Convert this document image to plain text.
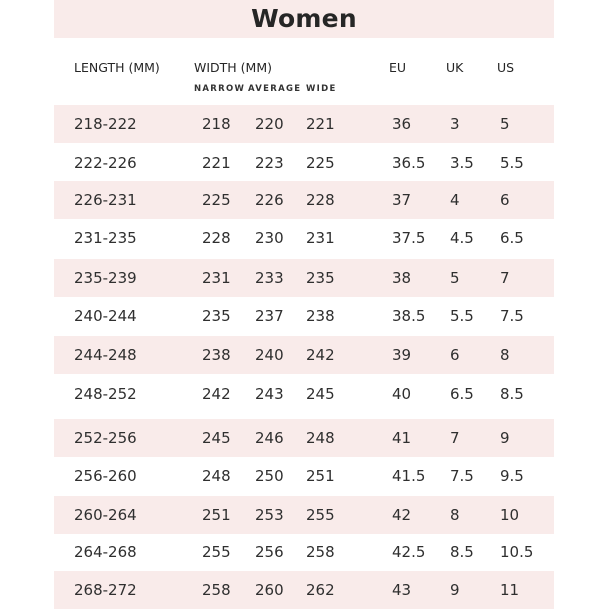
Women
LENGTH (MM)	WIDTH (MM)	EU	UK	US
NARROW AVERAGE WIDE
218-222	218 220 221	36	3	5
222-226	221 223 225	36.5 3.5 5.5
226-231	225 226 228	37	4	6
231-235	228 230 231	37.5 4.5 6.5
235-239	231 233 235	38	5	7
240-244	235 237 238	38.5 5.5 7.5
244-248	238 240 242	39	6	8
248-252	242 243 245	40	6.5 8.5
252-256	245 246 248	41	7	9
256-260	248 250 251	41.5 7.5 9.5
260-264	251 253 255	42	8	10
264-268	255 256 258	42.5 8.5 10.5
268-272	258 260 262	43	9	11
